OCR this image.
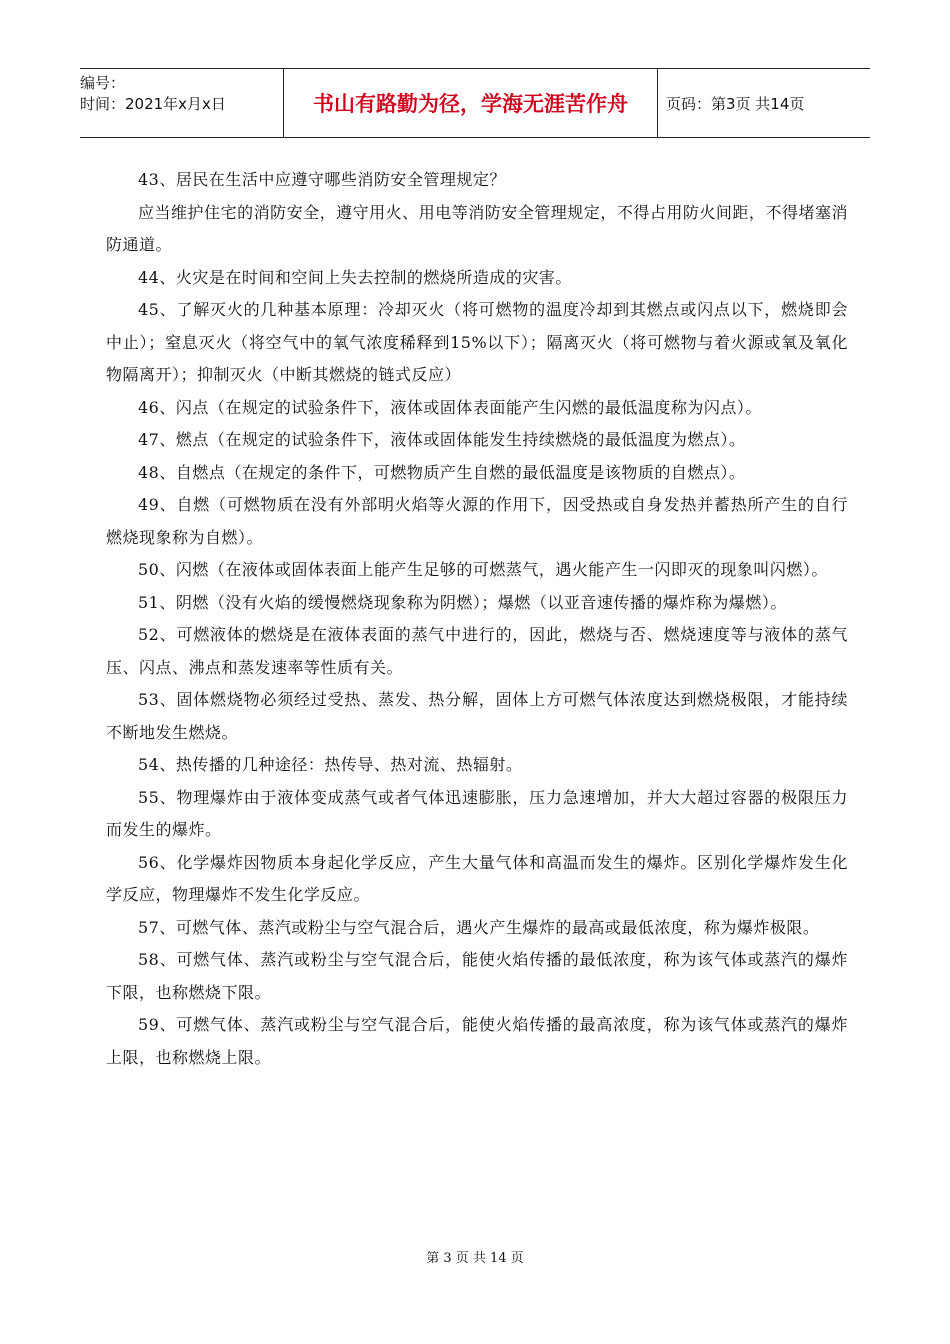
编号：
时间：2021年x月x日	书山有路勤为径，学海无涯苦作舟	页码：第3页 共14页

43、居民在生活中应遵守哪些消防安全管理规定？

应当维护住宅的消防安全，遵守用火、用电等消防安全管理规定，不得占用防火间距，不得堵塞消防通道。

44、火灾是在时间和空间上失去控制的燃烧所造成的灾害。

45、了解灭火的几种基本原理：冷却灭火（将可燃物的温度冷却到其燃点或闪点以下，燃烧即会中止）；窒息灭火（将空气中的氧气浓度稀释到15%以下）；隔离灭火（将可燃物与着火源或氧及氧化物隔离开）；抑制灭火（中断其燃烧的链式反应）

46、闪点（在规定的试验条件下，液体或固体表面能产生闪燃的最低温度称为闪点）。

47、燃点（在规定的试验条件下，液体或固体能发生持续燃烧的最低温度为燃点）。

48、自燃点（在规定的条件下，可燃物质产生自燃的最低温度是该物质的自燃点）。

49、自燃（可燃物质在没有外部明火焰等火源的作用下，因受热或自身发热并蓄热所产生的自行燃烧现象称为自燃）。

50、闪燃（在液体或固体表面上能产生足够的可燃蒸气，遇火能产生一闪即灭的现象叫闪燃）。

51、阴燃（没有火焰的缓慢燃烧现象称为阴燃）；爆燃（以亚音速传播的爆炸称为爆燃）。

52、可燃液体的燃烧是在液体表面的蒸气中进行的，因此，燃烧与否、燃烧速度等与液体的蒸气压、闪点、沸点和蒸发速率等性质有关。

53、固体燃烧物必须经过受热、蒸发、热分解，固体上方可燃气体浓度达到燃烧极限，才能持续不断地发生燃烧。

54、热传播的几种途径：热传导、热对流、热辐射。

55、物理爆炸由于液体变成蒸气或者气体迅速膨胀，压力急速增加，并大大超过容器的极限压力而发生的爆炸。

56、化学爆炸因物质本身起化学反应，产生大量气体和高温而发生的爆炸。区别化学爆炸发生化学反应，物理爆炸不发生化学反应。

57、可燃气体、蒸汽或粉尘与空气混合后，遇火产生爆炸的最高或最低浓度，称为爆炸极限。

58、可燃气体、蒸汽或粉尘与空气混合后，能使火焰传播的最低浓度，称为该气体或蒸汽的爆炸下限，也称燃烧下限。

59、可燃气体、蒸汽或粉尘与空气混合后，能使火焰传播的最高浓度，称为该气体或蒸汽的爆炸上限，也称燃烧上限。

第 3 页 共 14 页
